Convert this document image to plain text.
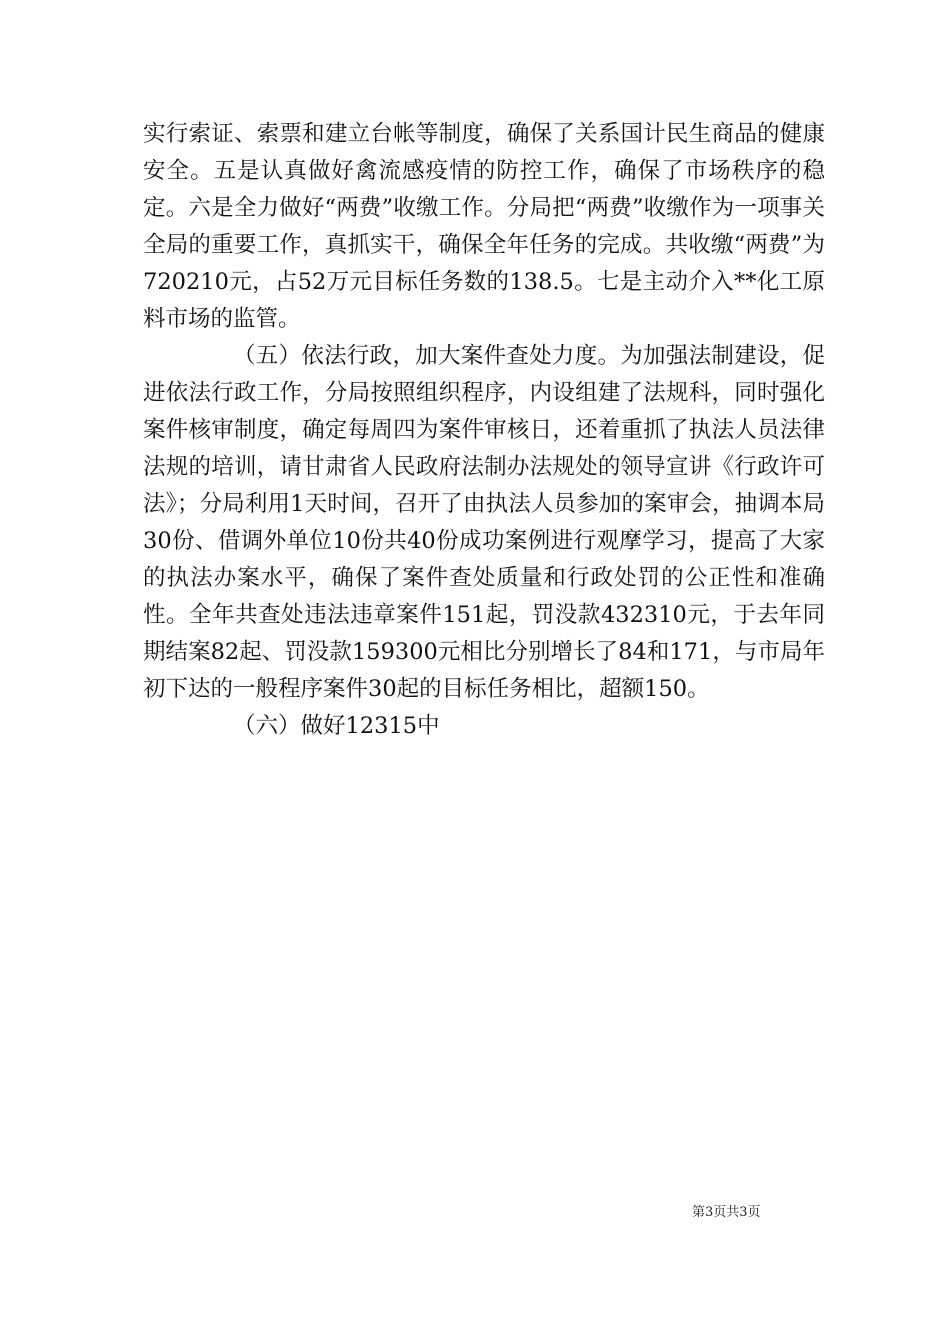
实行索证、索票和建立台帐等制度，确保了关系国计民生商品的健康安全。五是认真做好禽流感疫情的防控工作，确保了市场秩序的稳定。六是全力做好“两费”收缴工作。分局把“两费”收缴作为一项事关全局的重要工作，真抓实干，确保全年任务的完成。共收缴“两费”为720210元，占52万元目标任务数的138.5。七是主动介入**化工原料市场的监管。

（五）依法行政，加大案件查处力度。为加强法制建设，促进依法行政工作，分局按照组织程序，内设组建了法规科，同时强化案件核审制度，确定每周四为案件审核日，还着重抓了执法人员法律法规的培训，请甘肃省人民政府法制办法规处的领导宣讲《行政许可法》；分局利用1天时间，召开了由执法人员参加的案审会，抽调本局30份、借调外单位10份共40份成功案例进行观摩学习，提高了大家的执法办案水平，确保了案件查处质量和行政处罚的公正性和准确性。全年共查处违法违章案件151起，罚没款432310元，于去年同期结案82起、罚没款159300元相比分别增长了84和171，与市局年初下达的一般程序案件30起的目标任务相比，超额150。

（六）做好12315中

第3页共3页
